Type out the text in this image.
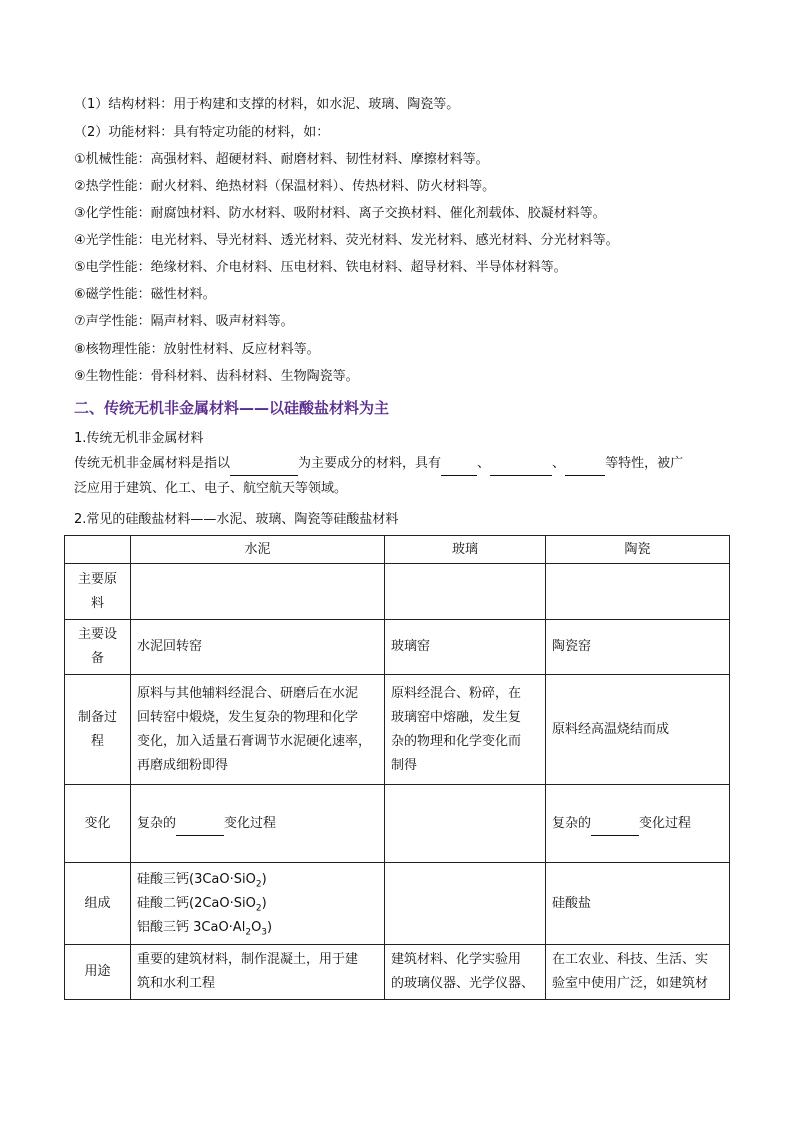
（1）结构材料：用于构建和支撑的材料，如水泥、玻璃、陶瓷等。
（2）功能材料：具有特定功能的材料，如：
①机械性能：高强材料、超硬材料、耐磨材料、韧性材料、摩擦材料等。
②热学性能：耐火材料、绝热材料（保温材料）、传热材料、防火材料等。
③化学性能：耐腐蚀材料、防水材料、吸附材料、离子交换材料、催化剂载体、胶凝材料等。
④光学性能：电光材料、导光材料、透光材料、荧光材料、发光材料、感光材料、分光材料等。
⑤电学性能：绝缘材料、介电材料、压电材料、铁电材料、超导材料、半导体材料等。
⑥磁学性能：磁性材料。
⑦声学性能：隔声材料、吸声材料等。
⑧核物理性能：放射性材料、反应材料等。
⑨生物性能：骨科材料、齿科材料、生物陶瓷等。
二、传统无机非金属材料——以硅酸盐材料为主
1.传统无机非金属材料
传统无机非金属材料是指以	为主要成分的材料，具有	、	、	等特性，被广
泛应用于建筑、化工、电子、航空航天等领域。
2.常见的硅酸盐材料——水泥、玻璃、陶瓷等硅酸盐材料
	水泥	玻璃	陶瓷

主要原
料			

主要设
备	水泥回转窑	玻璃窑	陶瓷窑

制备过
程	原料与其他辅料经混合、研磨后在水泥
回转窑中煅烧，发生复杂的物理和化学
变化，加入适量石膏调节水泥硬化速率，
再磨成细粉即得	原料经混合、粉碎，在
玻璃窑中熔融，发生复
杂的物理和化学变化而
制得	原料经高温烧结而成
变化	复杂的 变化过程		复杂的 变化过程
组成	硅酸三钙(3CaO·SiO$_2$)
硅酸二钙(2CaO·SiO$_2$)
铝酸三钙 $3CaO\cdot Al_2O_3$)		硅酸盐
用途	重要的建筑材料，制作混凝土，用于建
筑和水利工程	建筑材料、化学实验用
的玻璃仪器、光学仪器、	在工农业、科技、生活、实
验室中使用广泛，如建筑材
